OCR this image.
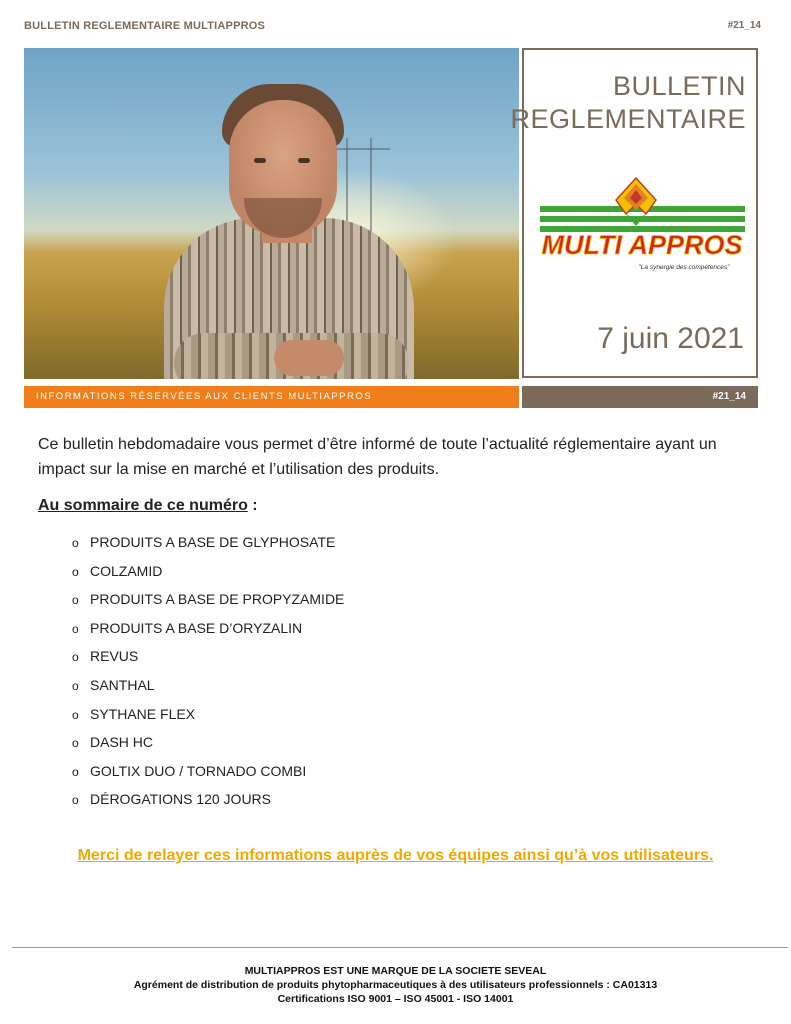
BULLETIN REGLEMENTAIRE MULTIAPPROS	#21_14
BULLETIN
REGLEMENTAIRE
MULTI APPROS
"La synergie des compétences"
7 juin 2021
INFORMATIONS RÉSERVÉES AUX CLIENTS MULTIAPPROS	#21_14
Ce bulletin hebdomadaire vous permet d’être informé de toute l’actualité réglementaire ayant un impact sur la mise en marché et l’utilisation des produits.
Au sommaire de ce numéro :
o PRODUITS A BASE DE GLYPHOSATE
o COLZAMID
o PRODUITS A BASE DE PROPYZAMIDE
o PRODUITS A BASE D’ORYZALIN
o REVUS
o SANTHAL
o SYTHANE FLEX
o DASH HC
o GOLTIX DUO / TORNADO COMBI
o DÉROGATIONS 120 JOURS
Merci de relayer ces informations auprès de vos équipes ainsi qu’à vos utilisateurs.
MULTIAPPROS EST UNE MARQUE DE LA SOCIETE SEVEAL
Agrément de distribution de produits phytopharmaceutiques à des utilisateurs professionnels : CA01313
Certifications ISO 9001 – ISO 45001 - ISO 14001
